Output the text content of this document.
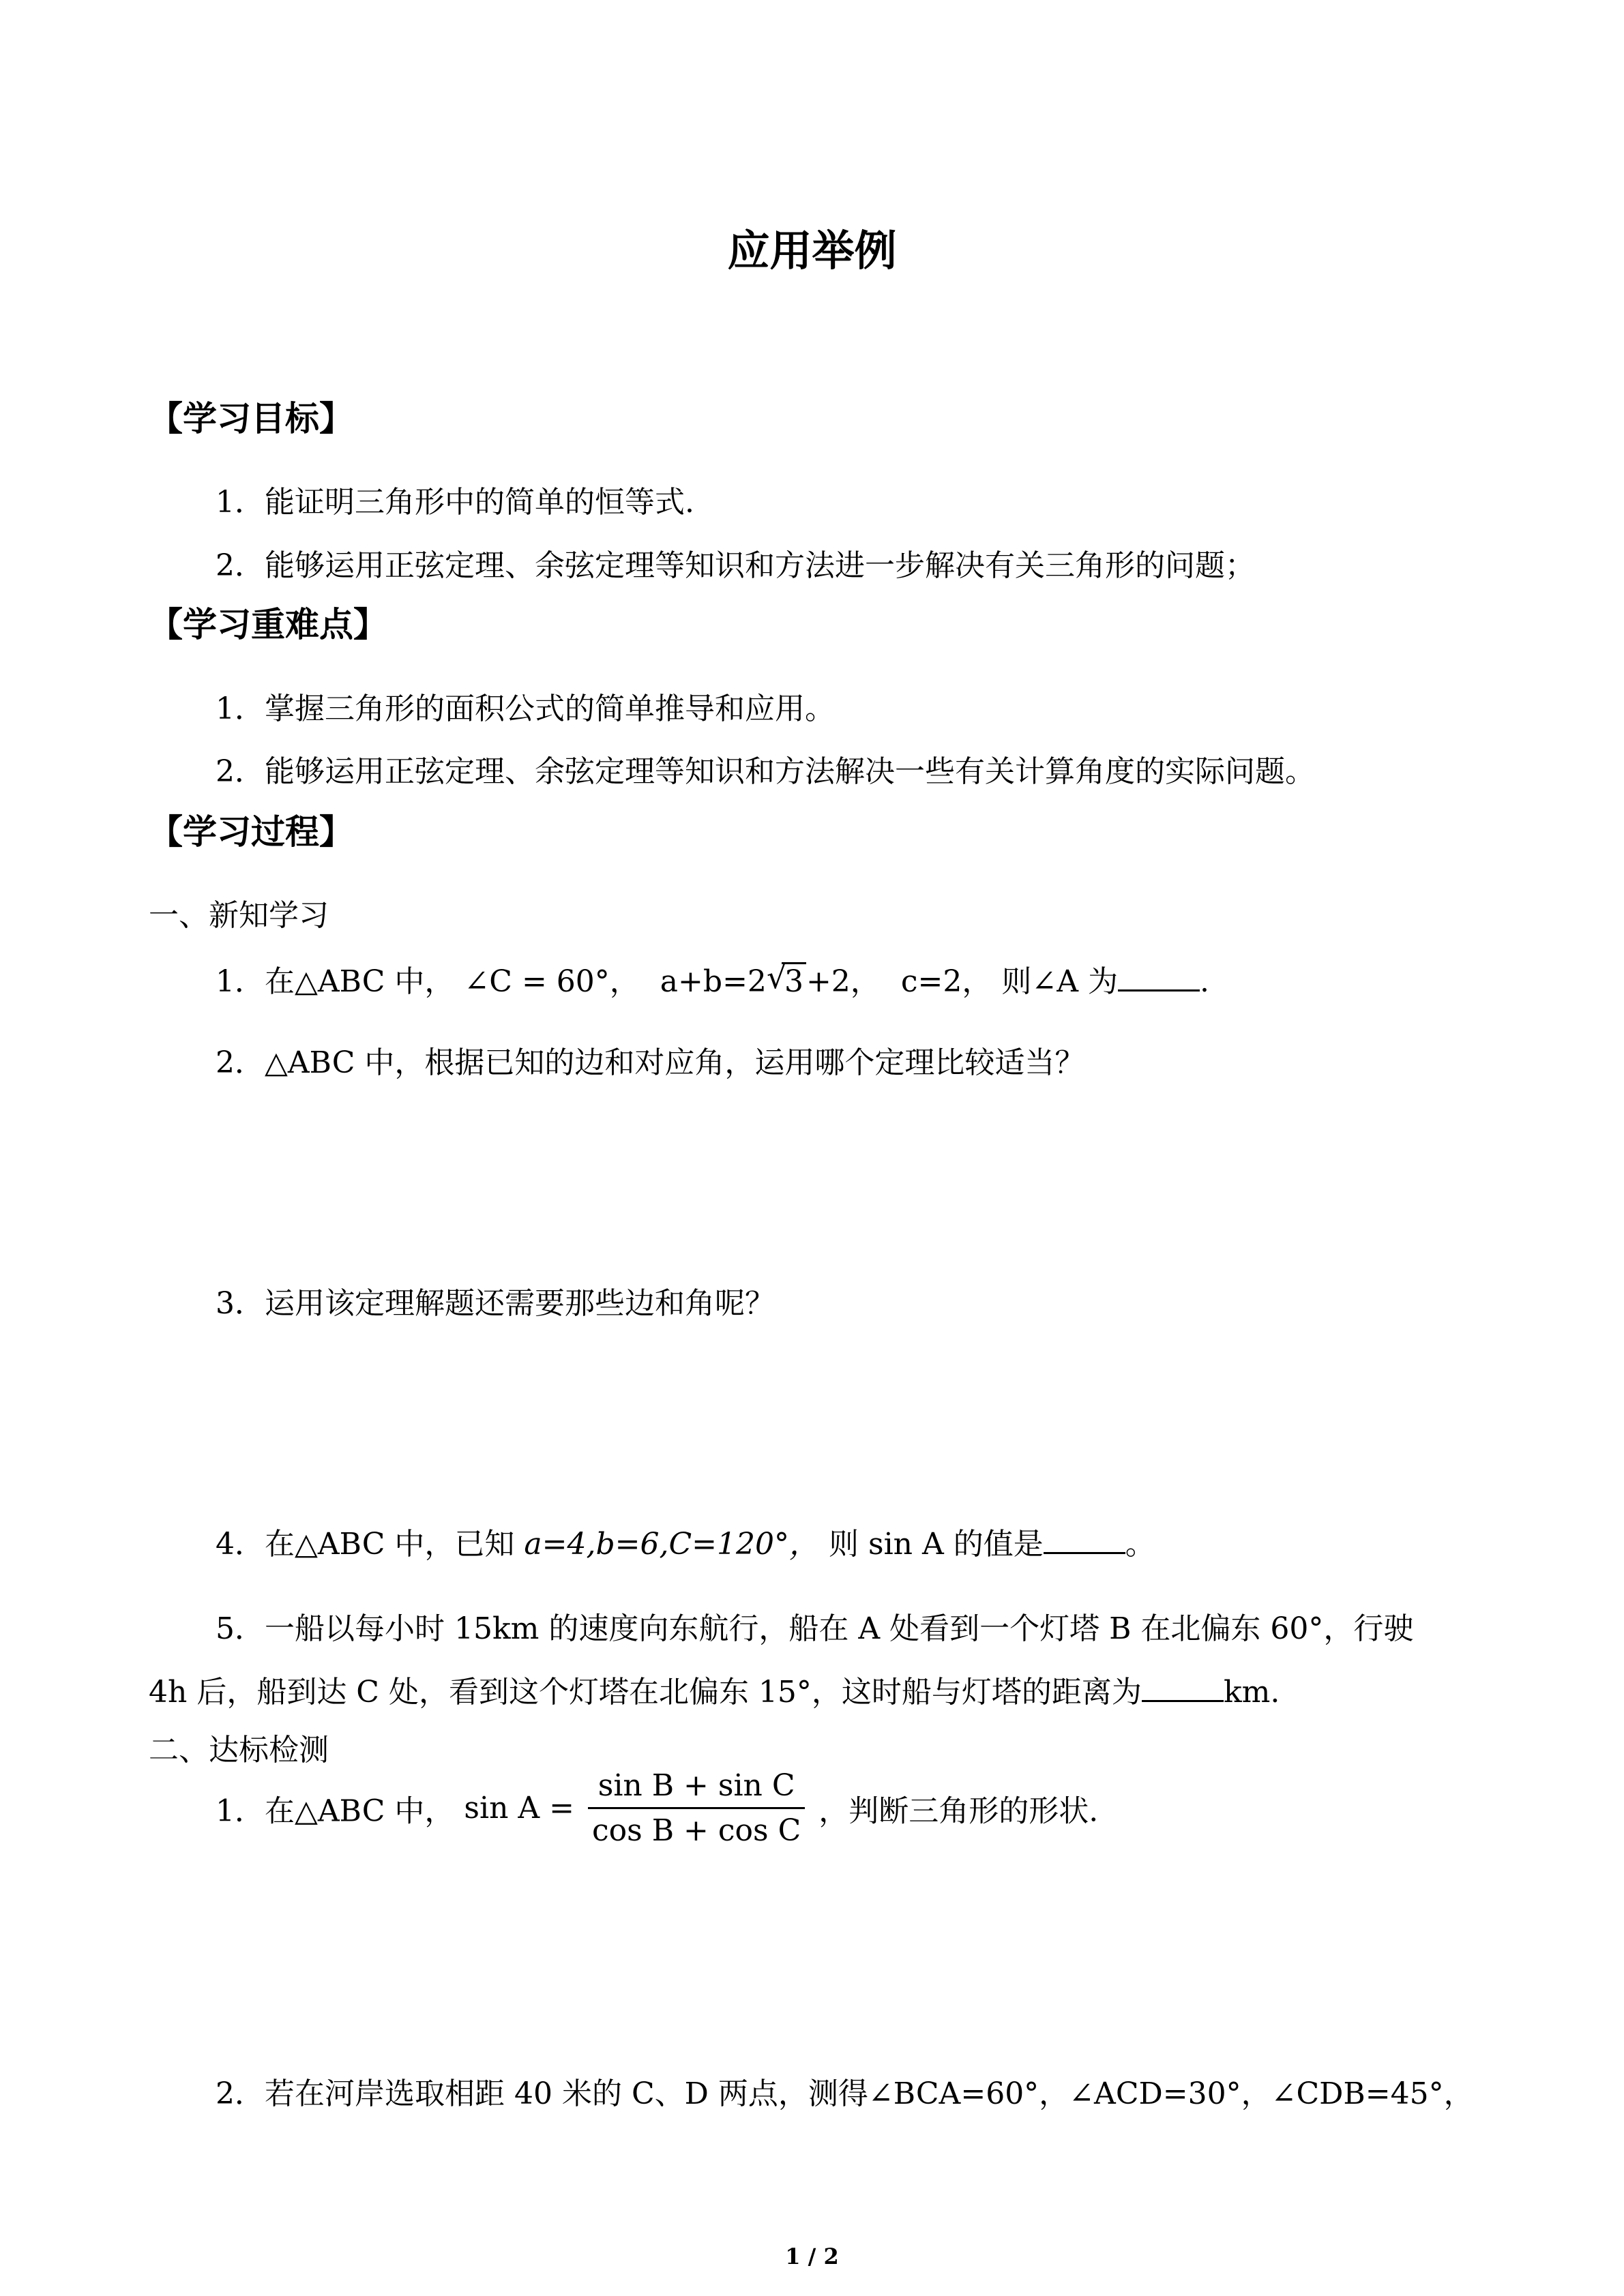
应用举例
【学习目标】
1．能证明三角形中的简单的恒等式.
2．能够运用正弦定理、余弦定理等知识和方法进一步解决有关三角形的问题；
【学习重难点】
1．掌握三角形的面积公式的简单推导和应用。
2．能够运用正弦定理、余弦定理等知识和方法解决一些有关计算角度的实际问题。
【学习过程】
一、新知学习
1．在△ABC 中， ∠C = 60°， a+b=2 √
3+2， c=2， 则∠A 为	.
2．△ABC 中，根据已知的边和对应角，运用哪个定理比较适当？
3．运用该定理解题还需要那些边和角呢？
4．在△ABC 中，已知 a=4,b=6,C=120°， 则 sin A 的值是	。
5．一船以每小时 15km 的速度向东航行，船在 A 处看到一个灯塔 B 在北偏东 60°，行驶
4h 后，船到达 C 处，看到这个灯塔在北偏东 15°，这时船与灯塔的距离为	km.
二、达标检测
1．在△ABC 中， $\sin A = \frac{\text{sin B + sin C}}{\text{cos B + cos C}}$ ，判断三角形的形状.
2．若在河岸选取相距 40 米的 C、D 两点，测得∠BCA=60°，∠ACD=30°，∠CDB=45°，
1 / 2
